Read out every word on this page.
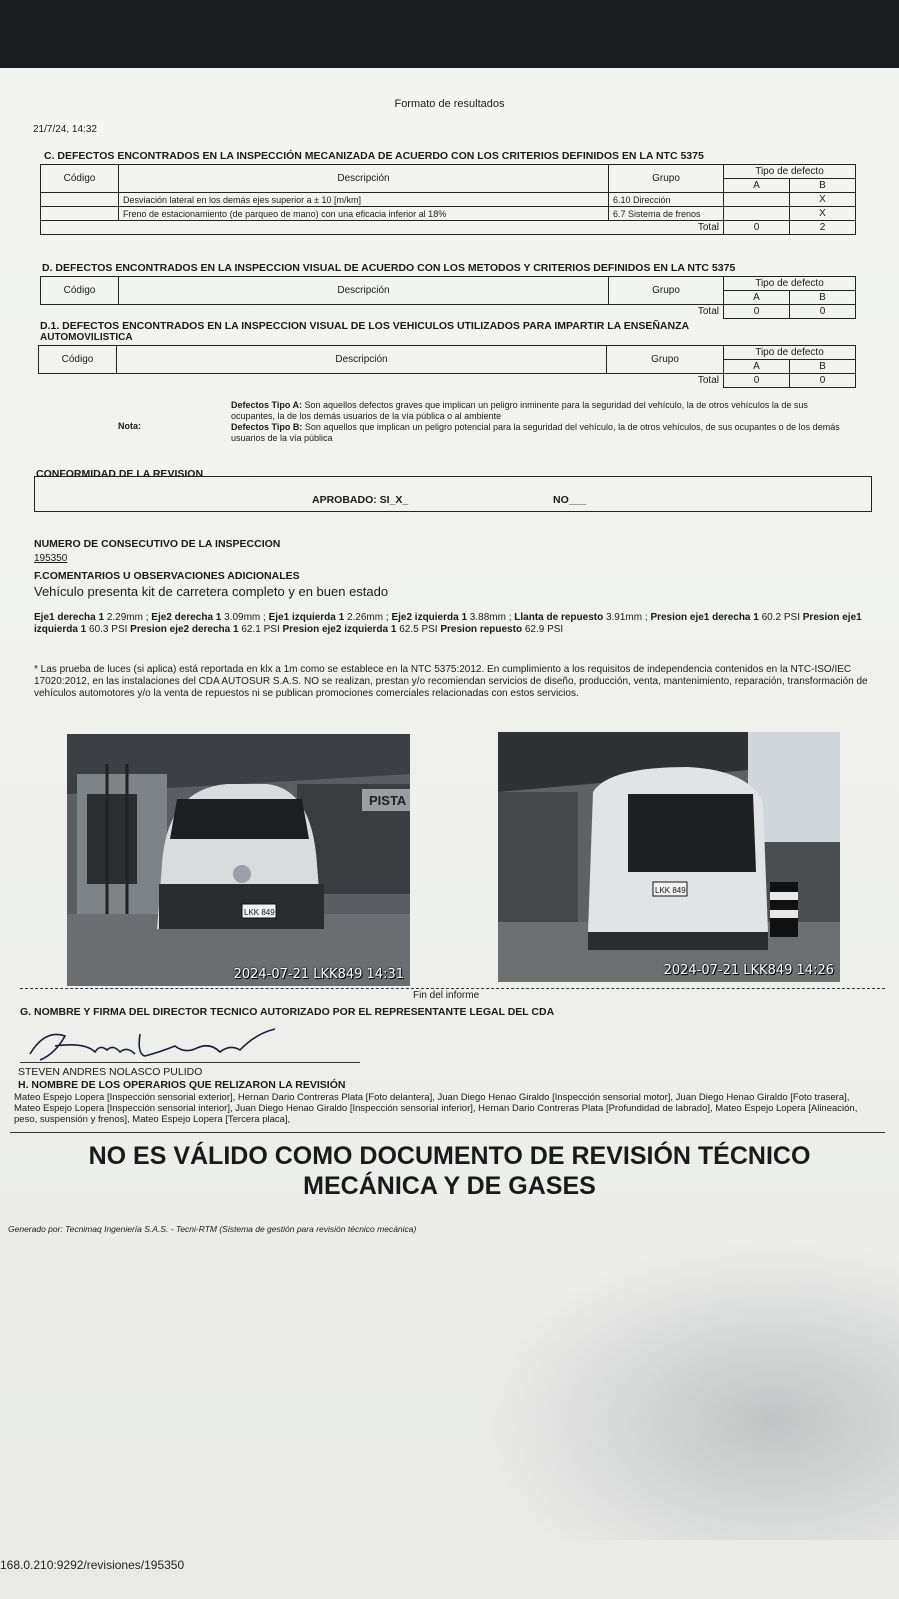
Formato de resultados
21/7/24, 14:32
C. DEFECTOS ENCONTRADOS EN LA INSPECCIÓN MECANIZADA DE ACUERDO CON LOS CRITERIOS DEFINIDOS EN LA NTC 5375
Código	Descripción	Grupo	Tipo de defecto	
			A	B
	Desviación lateral en los demás ejes superior a ± 10 [m/km]	6.10 Dirección		X
	Freno de estacionamiento (de parqueo de mano) con una eficacia inferior al 18%	6.7 Sistema de frenos		X
Total			0	2
D. DEFECTOS ENCONTRADOS EN LA INSPECCION VISUAL DE ACUERDO CON LOS METODOS Y CRITERIOS DEFINIDOS EN LA NTC 5375

Código	Descripción	Grupo	Tipo de defecto	
			A	B
Total			0	0
D.1. DEFECTOS ENCONTRADOS EN LA INSPECCION VISUAL DE LOS VEHICULOS UTILIZADOS PARA IMPARTIR LA ENSEÑANZA
AUTOMOVILISTICA
Código	Descripción	Grupo	Tipo de defecto	
			A	B
Total			0	0
Nota:
Defectos Tipo A: Son aquellos defectos graves que implican un peligro inminente para la seguridad del vehículo, la de otros vehículos la de sus ocupantes, la de los demás usuarios de la vía pública o al ambiente
Defectos Tipo B: Son aquellos que implican un peligro potencial para la seguridad del vehículo, la de otros vehículos, de sus ocupantes o de los demás usuarios de la vía pública
CONFORMIDAD DE LA REVISION
APROBADO: SI_X_	NO___
NUMERO DE CONSECUTIVO DE LA INSPECCION
195350
F.COMENTARIOS U OBSERVACIONES ADICIONALES
Vehículo presenta kit de carretera completo y en buen estado
Eje1 derecha 1 2.29mm ; Eje2 derecha 1 3.09mm ; Eje1 izquierda 1 2.26mm ; Eje2 izquierda 1 3.88mm ; Llanta de repuesto 3.91mm ; Presion eje1 derecha 1 60.2 PSI Presion eje1 izquierda 1 60.3 PSI Presion eje2 derecha 1 62.1 PSI Presion eje2 izquierda 1 62.5 PSI Presion repuesto 62.9 PSI
* Las prueba de luces (si aplica) está reportada en klx a 1m como se establece en la NTC 5375:2012. En cumplimiento a los requisitos de independencia contenidos en la NTC-ISO/IEC 17020:2012, en las instalaciones del CDA AUTOSUR S.A.S. NO se realizan, prestan y/o recomiendan servicios de diseño, producción, venta, mantenimiento, reparación, transformación de vehículos automotores y/o la venta de repuestos ni se publican promociones comerciales relacionadas con estos servicios.
PISTA
LKK 849
2024-07-21 LKK849 14:31
LKK 849
2024-07-21 LKK849 14:26
Fin del informe
G. NOMBRE Y FIRMA DEL DIRECTOR TECNICO AUTORIZADO POR EL REPRESENTANTE LEGAL DEL CDA
STEVEN ANDRES NOLASCO PULIDO
H. NOMBRE DE LOS OPERARIOS QUE RELIZARON LA REVISIÓN
Mateo Espejo Lopera [Inspección sensorial exterior], Hernan Dario Contreras Plata [Foto delantera], Juan Diego Henao Giraldo [Inspección sensorial motor], Juan Diego Henao Giraldo [Foto trasera], Mateo Espejo Lopera [Inspección sensorial interior], Juan Diego Henao Giraldo [Inspección sensorial inferior], Hernan Dario Contreras Plata [Profundidad de labrado], Mateo Espejo Lopera [Alineación, peso, suspensión y frenos], Mateo Espejo Lopera [Tercera placa],
NO ES VÁLIDO COMO DOCUMENTO DE REVISIÓN TÉCNICO
MECÁNICA Y DE GASES
Generado por: Tecnimaq Ingeniería S.A.S. - Tecni-RTM (Sistema de gestión para revisión técnico mecánica)
168.0.210:9292/revisiones/195350
